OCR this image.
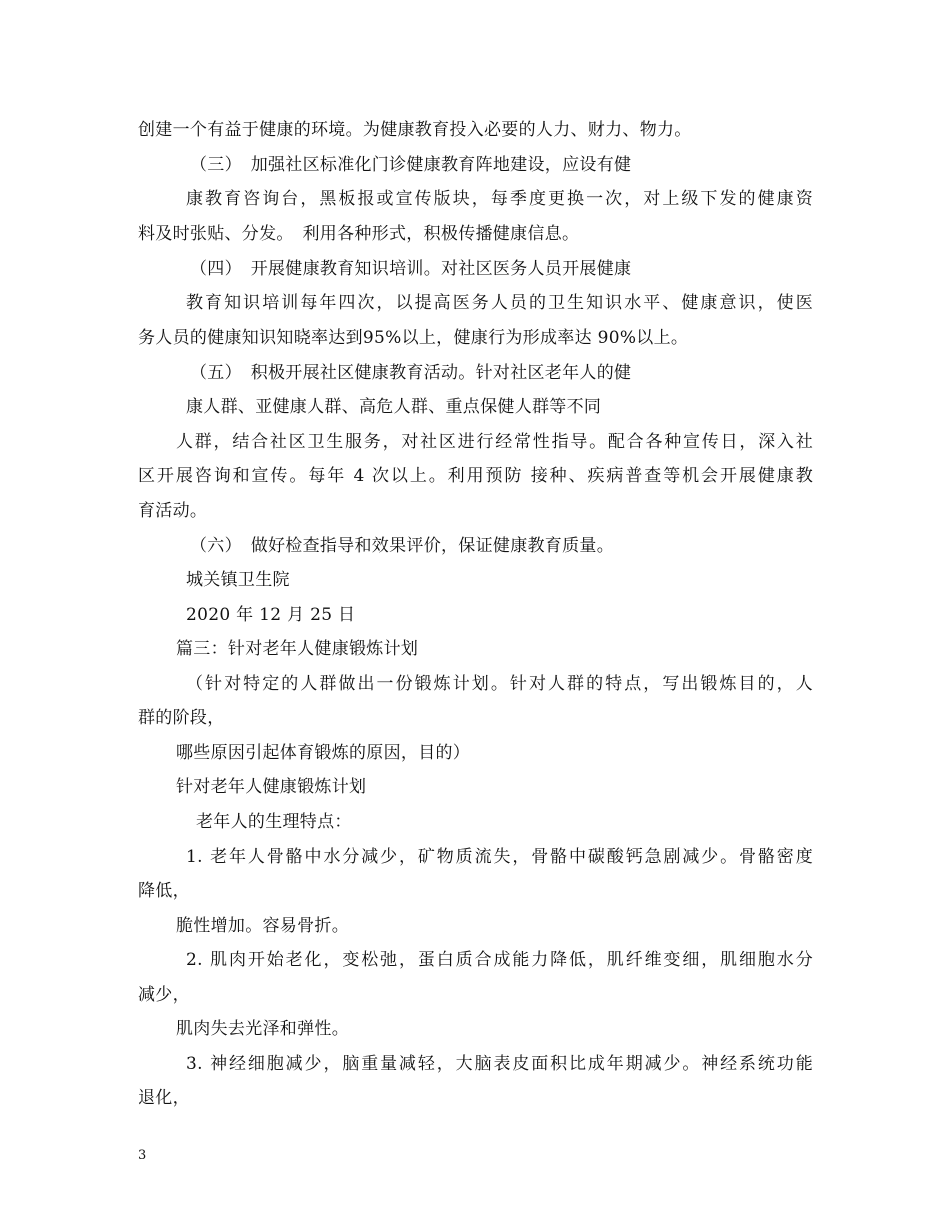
创建一个有益于健康的环境。为健康教育投入必要的人力、财力、物力。

（三）　加强社区标准化门诊健康教育阵地建设，应设有健

康教育咨询台，黑板报或宣传版块，每季度更换一次，对上级下发的健康资

料及时张贴、分发。　利用各种形式，积极传播健康信息。

（四）　开展健康教育知识培训。对社区医务人员开展健康

教育知识培训每年四次，以提高医务人员的卫生知识水平、健康意识，使医

务人员的健康知识知晓率达到95%以上，健康行为形成率达 90%以上。

（五）　积极开展社区健康教育活动。针对社区老年人的健

康人群、亚健康人群、高危人群、重点保健人群等不同

人群，结合社区卫生服务，对社区进行经常性指导。配合各种宣传日，深入社

区开展咨询和宣传。每年 4 次以上。利用预防 接种、疾病普查等机会开展健康教

育活动。

（六）　做好检查指导和效果评价，保证健康教育质量。

城关镇卫生院

2020 年 12 月 25 日

篇三：针对老年人健康锻炼计划

（针对特定的人群做出一份锻炼计划。针对人群的特点，写出锻炼目的，人

群的阶段，

哪些原因引起体育锻炼的原因，目的）

针对老年人健康锻炼计划

老年人的生理特点：

1. 老年人骨骼中水分减少，矿物质流失，骨骼中碳酸钙急剧减少。骨骼密度

降低，

脆性增加。容易骨折。

2. 肌肉开始老化，变松弛，蛋白质合成能力降低，肌纤维变细，肌细胞水分

减少，

肌肉失去光泽和弹性。

3. 神经细胞减少，脑重量减轻，大脑表皮面积比成年期减少。神经系统功能

退化，

3
